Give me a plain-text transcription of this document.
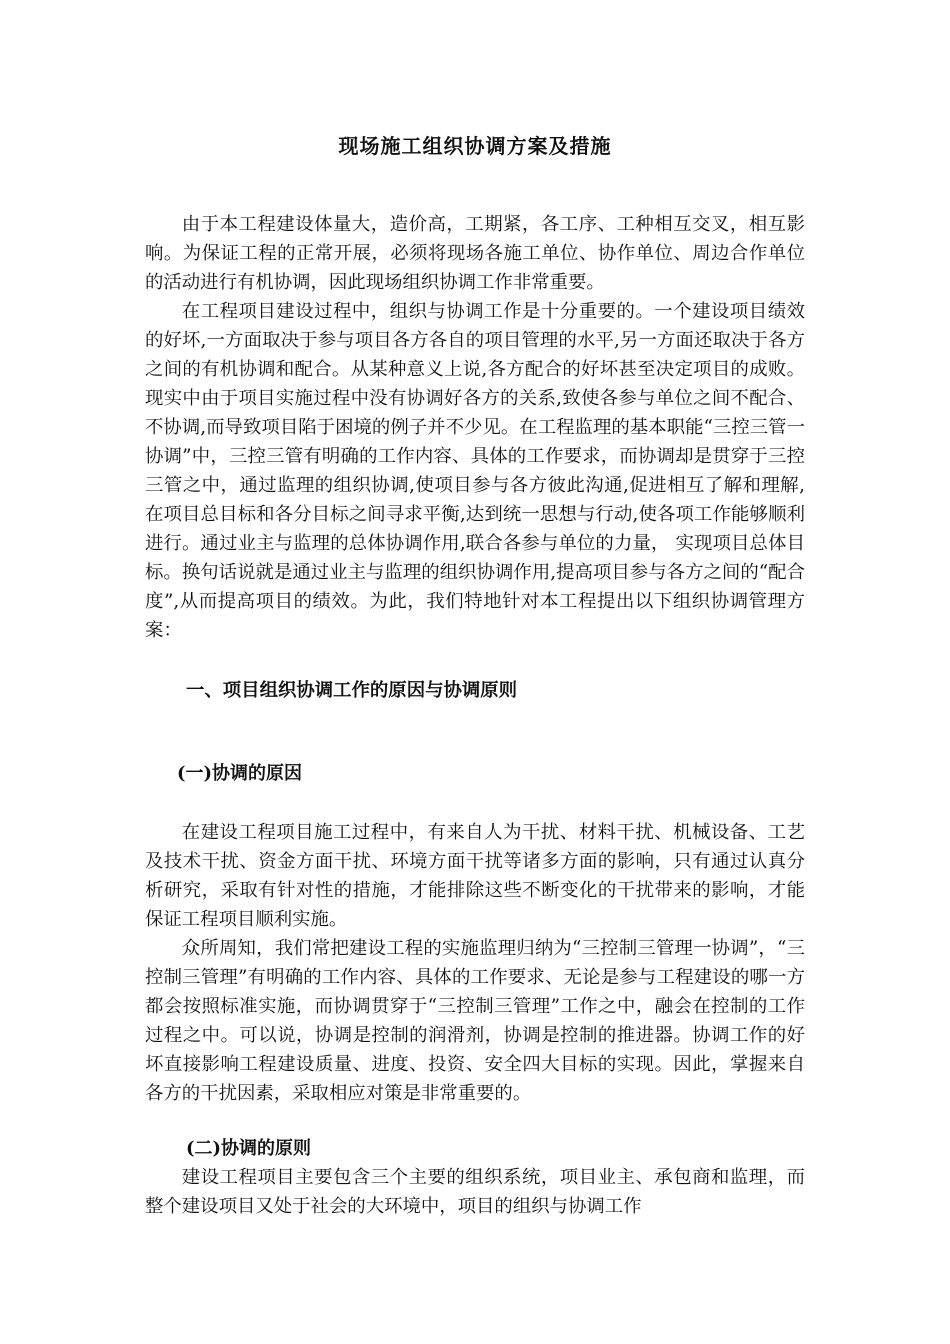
现场施工组织协调方案及措施

由于本工程建设体量大，造价高，工期紧，各工序、工种相互交叉，相互影响。为保证工程的正常开展，必须将现场各施工单位、协作单位、周边合作单位的活动进行有机协调，因此现场组织协调工作非常重要。

在工程项目建设过程中，组织与协调工作是十分重要的。一个建设项目绩效的好坏,一方面取决于参与项目各方各自的项目管理的水平,另一方面还取决于各方之间的有机协调和配合。从某种意义上说,各方配合的好坏甚至决定项目的成败。现实中由于项目实施过程中没有协调好各方的关系,致使各参与单位之间不配合、不协调,而导致项目陷于困境的例子并不少见。在工程监理的基本职能“三控三管一协调”中，三控三管有明确的工作内容、具体的工作要求，而协调却是贯穿于三控三管之中，通过监理的组织协调,使项目参与各方彼此沟通,促进相互了解和理解,在项目总目标和各分目标之间寻求平衡,达到统一思想与行动,使各项工作能够顺利进行。通过业主与监理的总体协调作用,联合各参与单位的力量， 实现项目总体目标。换句话说就是通过业主与监理的组织协调作用,提高项目参与各方之间的“配合度”,从而提高项目的绩效。为此，我们特地针对本工程提出以下组织协调管理方案：

一、项目组织协调工作的原因与协调原则
(一)协调的原因

在建设工程项目施工过程中，有来自人为干扰、材料干扰、机械设备、工艺及技术干扰、资金方面干扰、环境方面干扰等诸多方面的影响，只有通过认真分析研究，采取有针对性的措施，才能排除这些不断变化的干扰带来的影响，才能保证工程项目顺利实施。

众所周知，我们常把建设工程的实施监理归纳为“三控制三管理一协调”，“三控制三管理”有明确的工作内容、具体的工作要求、无论是参与工程建设的哪一方都会按照标准实施，而协调贯穿于“三控制三管理”工作之中，融会在控制的工作过程之中。可以说，协调是控制的润滑剂，协调是控制的推进器。协调工作的好坏直接影响工程建设质量、进度、投资、安全四大目标的实现。因此，掌握来自各方的干扰因素，采取相应对策是非常重要的。

(二)协调的原则

建设工程项目主要包含三个主要的组织系统，项目业主、承包商和监理，而整个建设项目又处于社会的大环境中，项目的组织与协调工作
